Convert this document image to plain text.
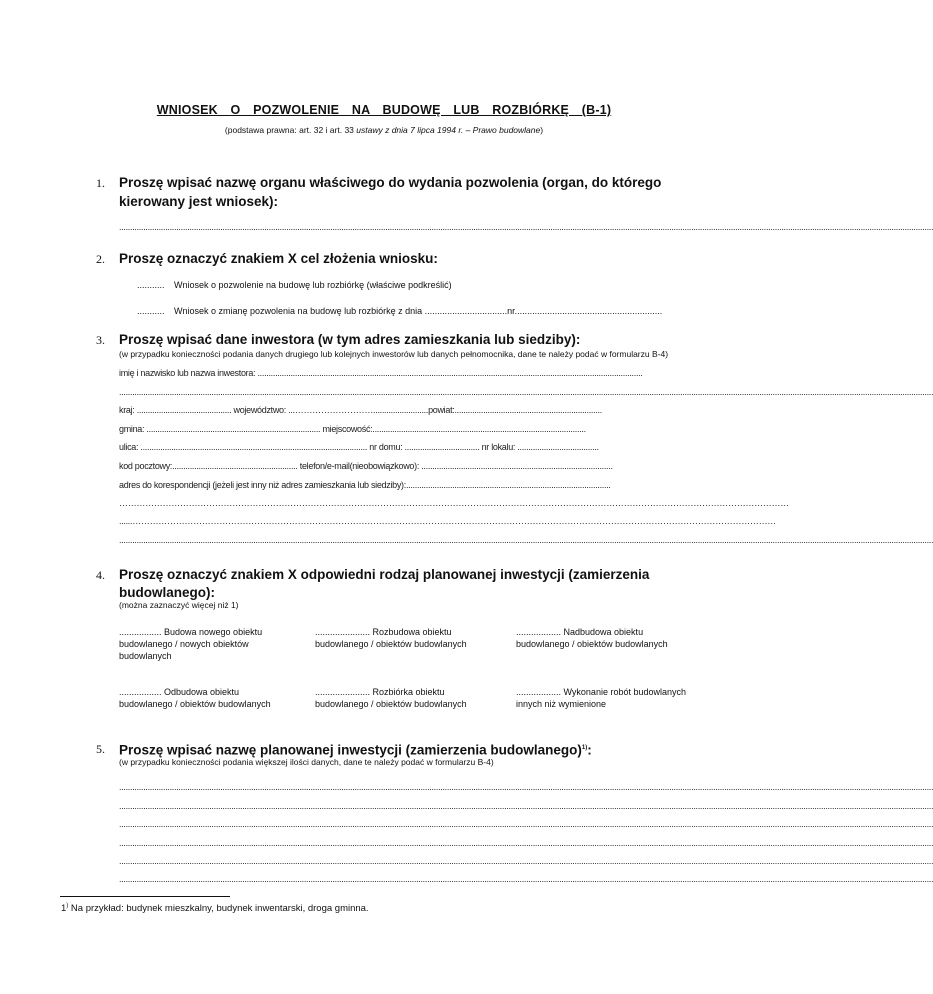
WNIOSEK O POZWOLENIE NA BUDOWĘ LUB ROZBIÓRKĘ (B-1)
(podstawa prawna: art. 32 i art. 33 ustawy z dnia 7 lipca 1994 r. – Prawo budowlane)
1. Proszę wpisać nazwę organu właściwego do wydania pozwolenia (organ, do którego
kierowany jest wniosek):
..................................................................................................................................................................................................................................................................................................................................................................................
2. Proszę oznaczyć znakiem X cel złożenia wniosku:
........... Wniosek o pozwolenie na budowę lub rozbiórkę (właściwe podkreślić)
........... Wniosek o zmianę pozwolenia na budowę lub rozbiórkę z dnia .................................nr...........................................................
3. Proszę wpisać dane inwestora (w tym adres zamieszkania lub siedziby):
(w przypadku konieczności podania danych drugiego lub kolejnych inwestorów lub danych pełnomocnika, dane te należy podać w formularzu B-4)
imię i nazwisko lub nazwa inwestora: ...............................................................................................................................................................................
..................................................................................................................................................................................................................................................................................................................................................................................
kraj: ........................................... województwo: ...……………………….........................powiat:...................................................................
gmina: ............................................................................... miejscowość:.................................................................................................
ulica: ....................................................................................................... nr domu: .................................. nr lokalu: .....................................
kod pocztowy:......................................................... telefon/e-mail(nieobowiązkowo): .......................................................................................
adres do korespondencji (jeżeli jest inny niż adres zamieszkania lub siedziby):.............................................................................................
……………………………………………………………………………………………………………………………………………………………………………………………………………
......……………………………………………………………………………………………………………………………………………………………………………………………………
..................................................................................................................................................................................................................................................................................................................................................................................
4. Proszę oznaczyć znakiem X odpowiedni rodzaj planowanej inwestycji (zamierzenia
budowlanego):
(można zaznaczyć więcej niż 1)
................. Budowa nowego obiektu budowlanego / nowych obiektów budowlanych
...................... Rozbudowa obiektu budowlanego / obiektów budowlanych
.................. Nadbudowa obiektu budowlanego / obiektów budowlanych
................. Odbudowa obiektu budowlanego / obiektów budowlanych
...................... Rozbiórka obiektu budowlanego / obiektów budowlanych
.................. Wykonanie robót budowlanych innych niż wymienione
5. Proszę wpisać nazwę planowanej inwestycji (zamierzenia budowlanego)$^{1)}$:
(w przypadku konieczności podania większej ilości danych, dane te należy podać w formularzu B-4)
..................................................................................................................................................................................................................................................................................................................................................................................
..................................................................................................................................................................................................................................................................................................................................................................................
..................................................................................................................................................................................................................................................................................................................................................................................
..................................................................................................................................................................................................................................................................................................................................................................................
..................................................................................................................................................................................................................................................................................................................................................................................
..................................................................................................................................................................................................................................................................................................................................................................................
1) Na przykład: budynek mieszkalny, budynek inwentarski, droga gminna.
